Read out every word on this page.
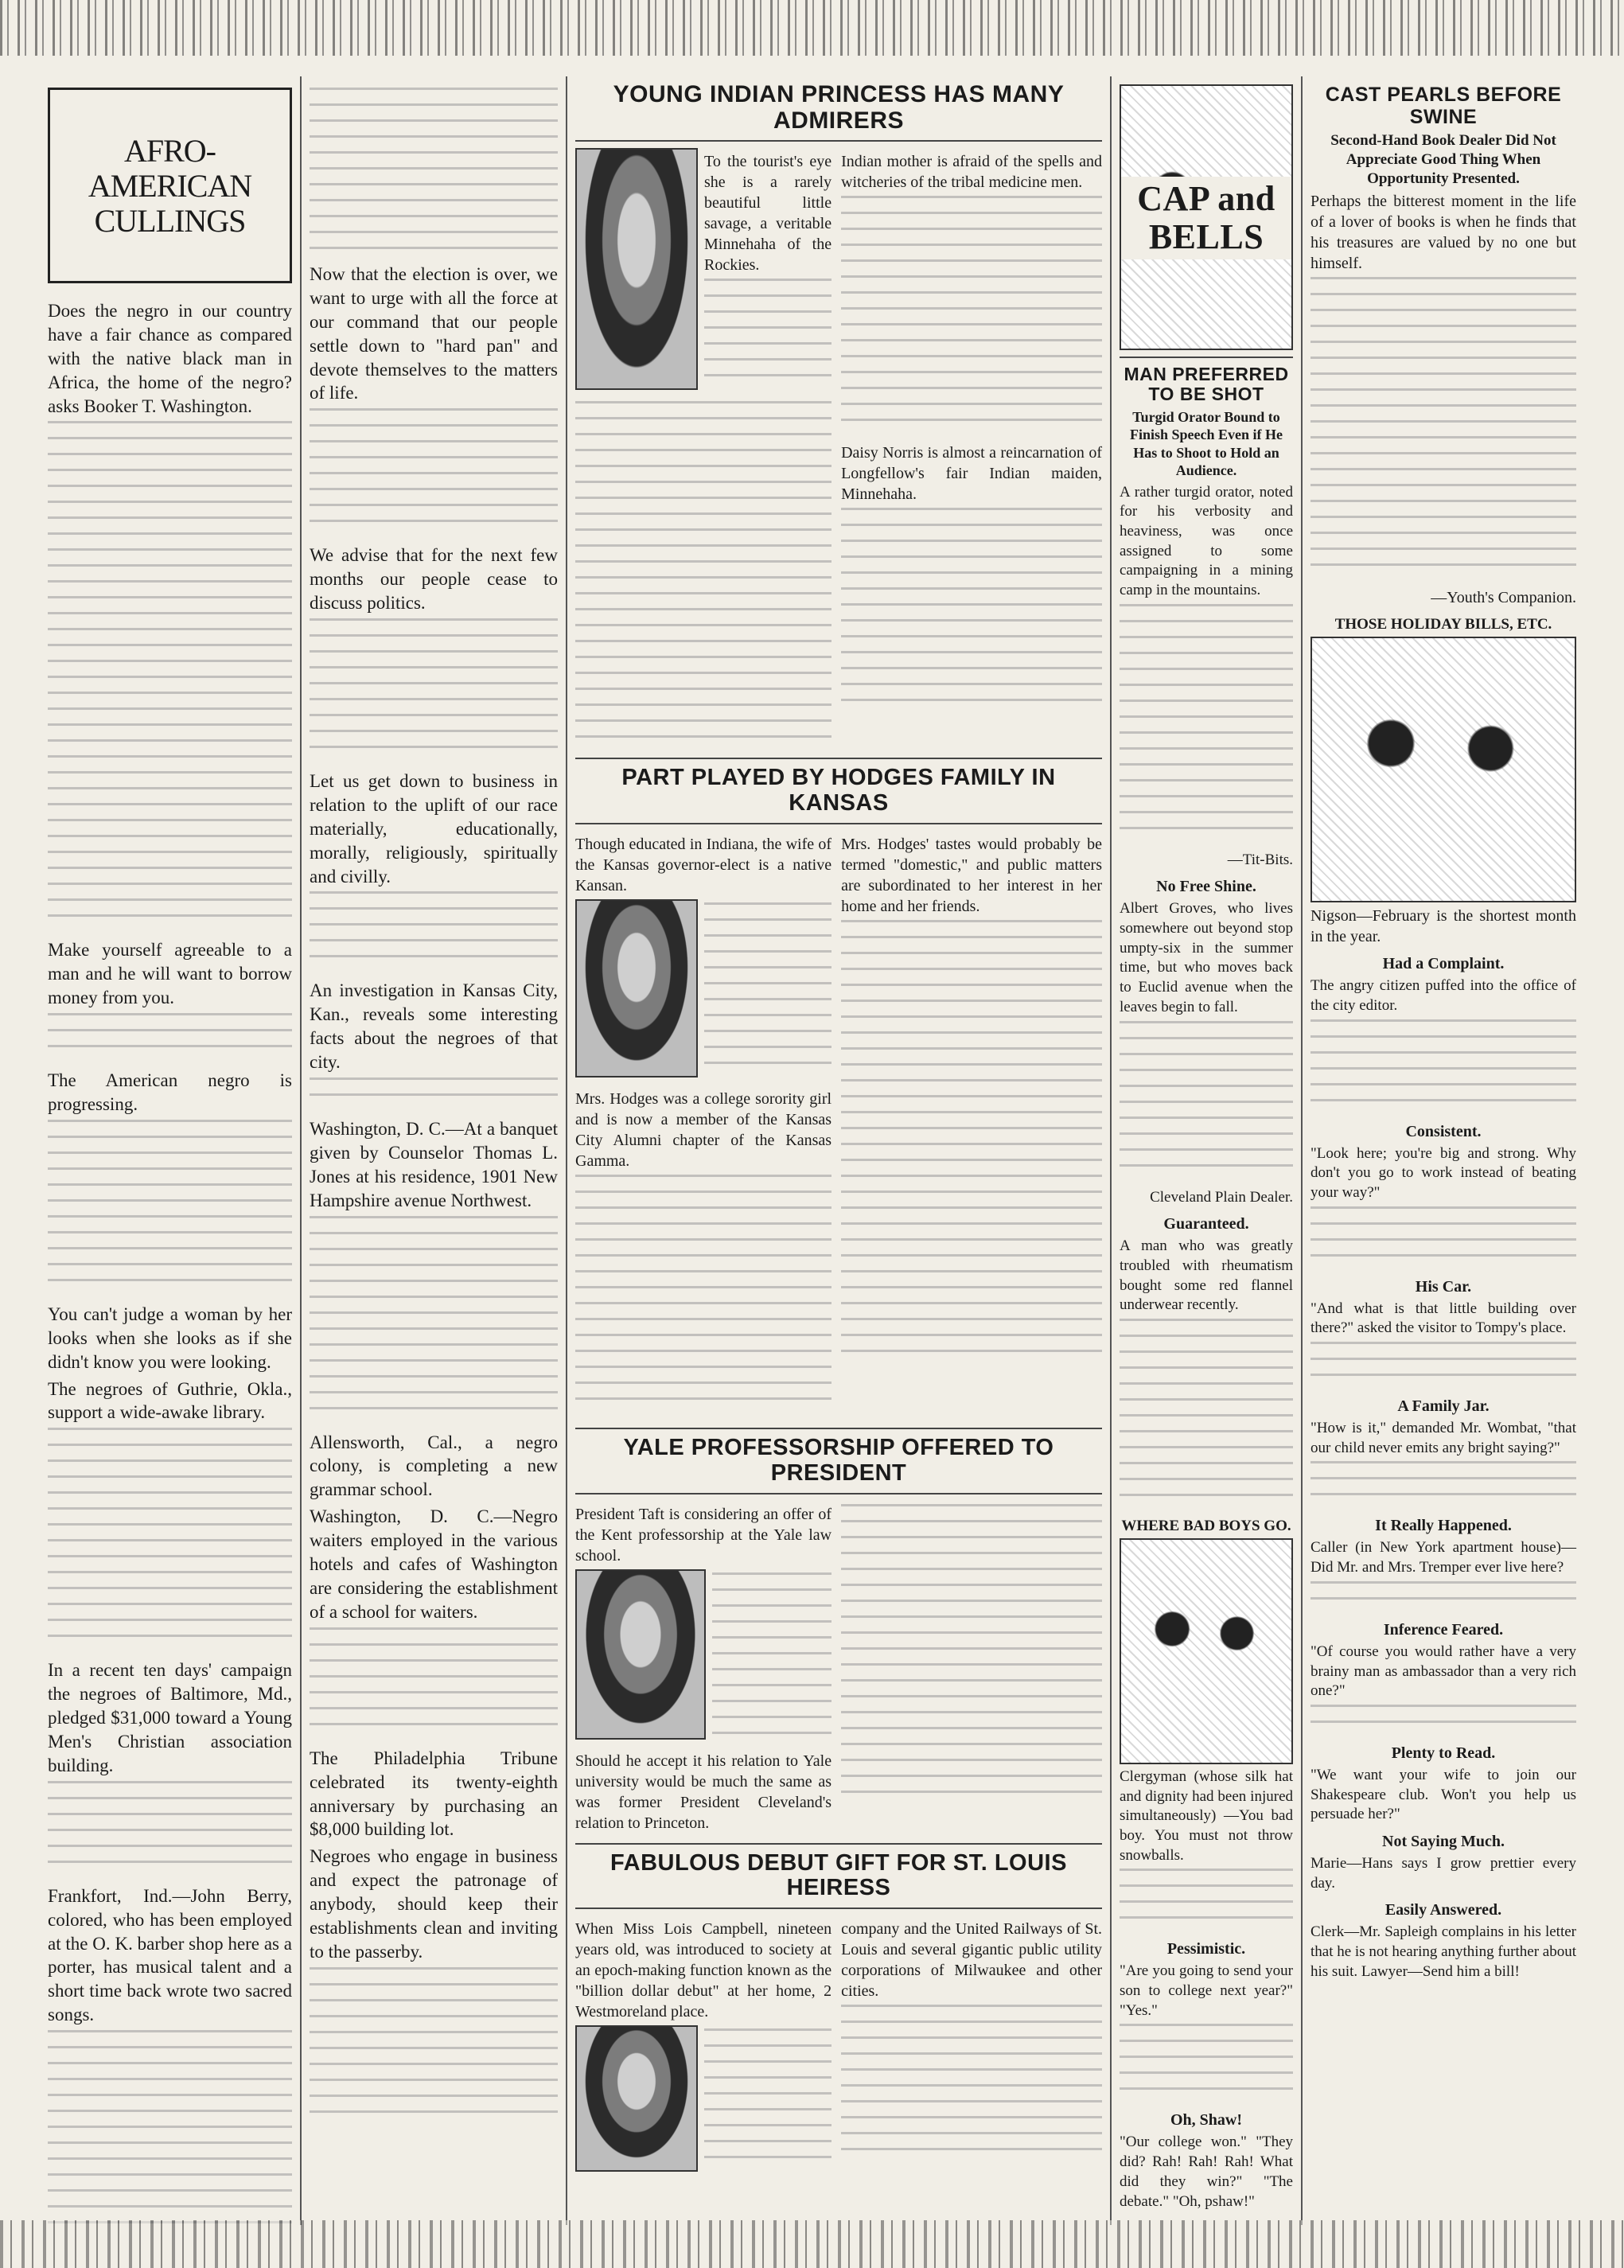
AFRO-AMERICAN CULLINGS

Does the negro in our country have a fair chance as compared with the native black man in Africa, the home of the negro? asks Booker T. Washington.

Make yourself agreeable to a man and he will want to borrow money from you.

The American negro is progressing.

You can't judge a woman by her looks when she looks as if she didn't know you were looking.

The negroes of Guthrie, Okla., support a wide-awake library.

In a recent ten days' campaign the negroes of Baltimore, Md., pledged $31,000 toward a Young Men's Christian association building.

Frankfort, Ind.—John Berry, colored, who has been employed at the O. K. barber shop here as a porter, has musical talent and a short time back wrote two sacred songs.

Now that the election is over, we want to urge with all the force at our command that our people settle down to "hard pan" and devote themselves to the matters of life.

We advise that for the next few months our people cease to discuss politics.

Let us get down to business in relation to the uplift of our race materially, educationally, morally, religiously, spiritually and civilly.

An investigation in Kansas City, Kan., reveals some interesting facts about the negroes of that city.

Washington, D. C.—At a banquet given by Counselor Thomas L. Jones at his residence, 1901 New Hampshire avenue Northwest.

Allensworth, Cal., a negro colony, is completing a new grammar school.

Washington, D. C.—Negro waiters employed in the various hotels and cafes of Washington are considering the establishment of a school for waiters.

The Philadelphia Tribune celebrated its twenty-eighth anniversary by purchasing an $8,000 building lot.

Negroes who engage in business and expect the patronage of anybody, should keep their establishments clean and inviting to the passerby.

YOUNG INDIAN PRINCESS HAS MANY ADMIRERS

To the tourist's eye she is a rarely beautiful little savage, a veritable Minnehaha of the Rockies.

Indian mother is afraid of the spells and witcheries of the tribal medicine men.

Daisy Norris is almost a reincarnation of Longfellow's fair Indian maiden, Minnehaha.

PART PLAYED BY HODGES FAMILY IN KANSAS

Though educated in Indiana, the wife of the Kansas governor-elect is a native Kansan.

Mrs. Hodges was a college sorority girl and is now a member of the Kansas City Alumni chapter of the Kansas Gamma.

Mrs. Hodges' tastes would probably be termed "domestic," and public matters are subordinated to her interest in her home and her friends.

YALE PROFESSORSHIP OFFERED TO PRESIDENT

President Taft is considering an offer of the Kent professorship at the Yale law school.

Should he accept it his relation to Yale university would be much the same as was former President Cleveland's relation to Princeton.

FABULOUS DEBUT GIFT FOR ST. LOUIS HEIRESS

When Miss Lois Campbell, nineteen years old, was introduced to society at an epoch-making function known as the "billion dollar debut" at her home, 2 Westmoreland place.

company and the United Railways of St. Louis and several gigantic public utility corporations of Milwaukee and other cities.

CAP and BELLS
MAN PREFERRED TO BE SHOT
Turgid Orator Bound to Finish Speech Even if He Has to Shoot to Hold an Audience.

A rather turgid orator, noted for his verbosity and heaviness, was once assigned to some campaigning in a mining camp in the mountains.

—Tit-Bits.

No Free Shine.

Albert Groves, who lives somewhere out beyond stop umpty-six in the summer time, but who moves back to Euclid avenue when the leaves begin to fall.

Cleveland Plain Dealer.

Guaranteed.

A man who was greatly troubled with rheumatism bought some red flannel underwear recently.

WHERE BAD BOYS GO.

Clergyman (whose silk hat and dignity had been injured simultaneously) —You bad boy. You must not throw snowballs.

Pessimistic.

"Are you going to send your son to college next year?" "Yes."

Oh, Shaw!

"Our college won." "They did? Rah! Rah! Rah! What did they win?" "The debate." "Oh, pshaw!"

CAST PEARLS BEFORE SWINE
Second-Hand Book Dealer Did Not Appreciate Good Thing When Opportunity Presented.

Perhaps the bitterest moment in the life of a lover of books is when he finds that his treasures are valued by no one but himself.

—Youth's Companion.

THOSE HOLIDAY BILLS, ETC.

Nigson—February is the shortest month in the year.

Had a Complaint.

The angry citizen puffed into the office of the city editor.

Consistent.

"Look here; you're big and strong. Why don't you go to work instead of beating your way?"

His Car.

"And what is that little building over there?" asked the visitor to Tompy's place.

A Family Jar.

"How is it," demanded Mr. Wombat, "that our child never emits any bright saying?"

It Really Happened.

Caller (in New York apartment house)—Did Mr. and Mrs. Tremper ever live here?

Inference Feared.

"Of course you would rather have a very brainy man as ambassador than a very rich one?"

Plenty to Read.

"We want your wife to join our Shakespeare club. Won't you help us persuade her?"

Not Saying Much.

Marie—Hans says I grow prettier every day.

Easily Answered.

Clerk—Mr. Sapleigh complains in his letter that he is not hearing anything further about his suit. Lawyer—Send him a bill!
